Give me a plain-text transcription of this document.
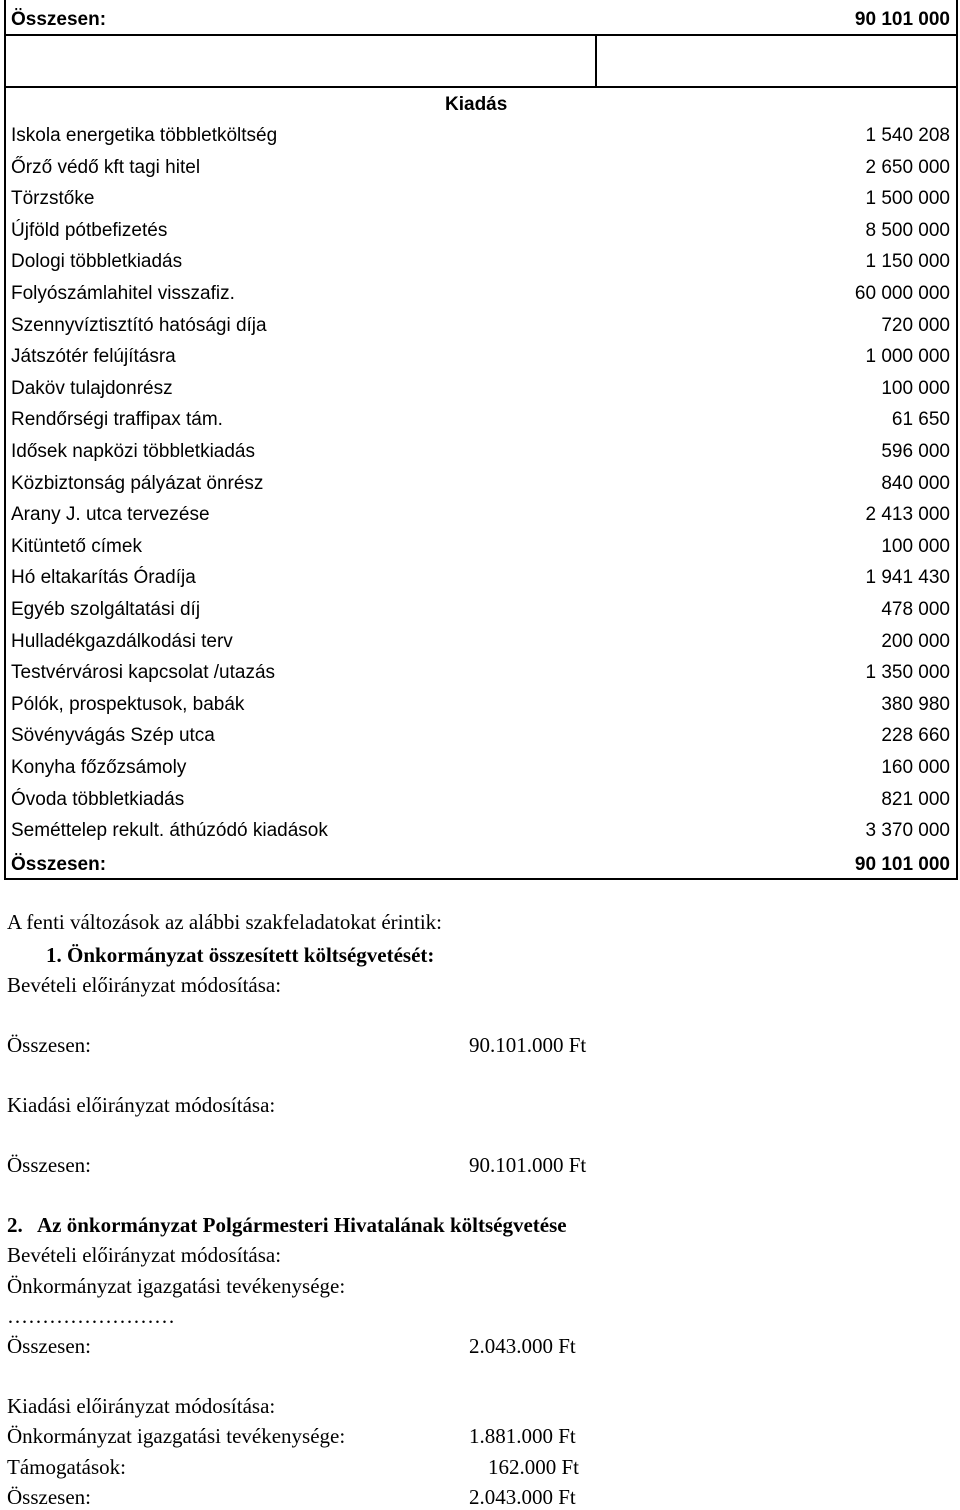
Összesen:	90 101 000
Kiadás
Iskola energetika többletköltség	1 540 208
Őrző védő kft tagi hitel	2 650 000
Törzstőke	1 500 000
Újföld pótbefizetés	8 500 000
Dologi többletkiadás	1 150 000
Folyószámlahitel visszafiz.	60 000 000
Szennyvíztisztító hatósági díja	720 000
Játszótér felújításra	1 000 000
Daköv tulajdonrész	100 000
Rendőrségi traffipax tám.	61 650
Idősek napközi többletkiadás	596 000
Közbiztonság pályázat önrész	840 000
Arany J. utca tervezése	2 413 000
Kitüntető címek	100 000
Hó eltakarítás Óradíja	1 941 430
Egyéb szolgáltatási díj	478 000
Hulladékgazdálkodási terv	200 000
Testvérvárosi kapcsolat /utazás	1 350 000
Pólók, prospektusok, babák	380 980
Sövényvágás Szép utca	228 660
Konyha főzőzsámoly	160 000
Óvoda többletkiadás	821 000
Seméttelep rekult. áthúzódó kiadások	3 370 000
Összesen:	90 101 000
A fenti változások az alábbi szakfeladatokat érintik:
1. Önkormányzat összesített költségvetését:
Bevételi előirányzat módosítása:
Összesen:	90.101.000 Ft
Kiadási előirányzat módosítása:
Összesen:	90.101.000 Ft
2. Az önkormányzat Polgármesteri Hivatalának költségvetése
Bevételi előirányzat módosítása:
Önkormányzat igazgatási tevékenysége:
……………………
Összesen:	2.043.000 Ft
Kiadási előirányzat módosítása:
Önkormányzat igazgatási tevékenysége:	1.881.000 Ft
Támogatások:	162.000 Ft
Összesen:	2.043.000 Ft
